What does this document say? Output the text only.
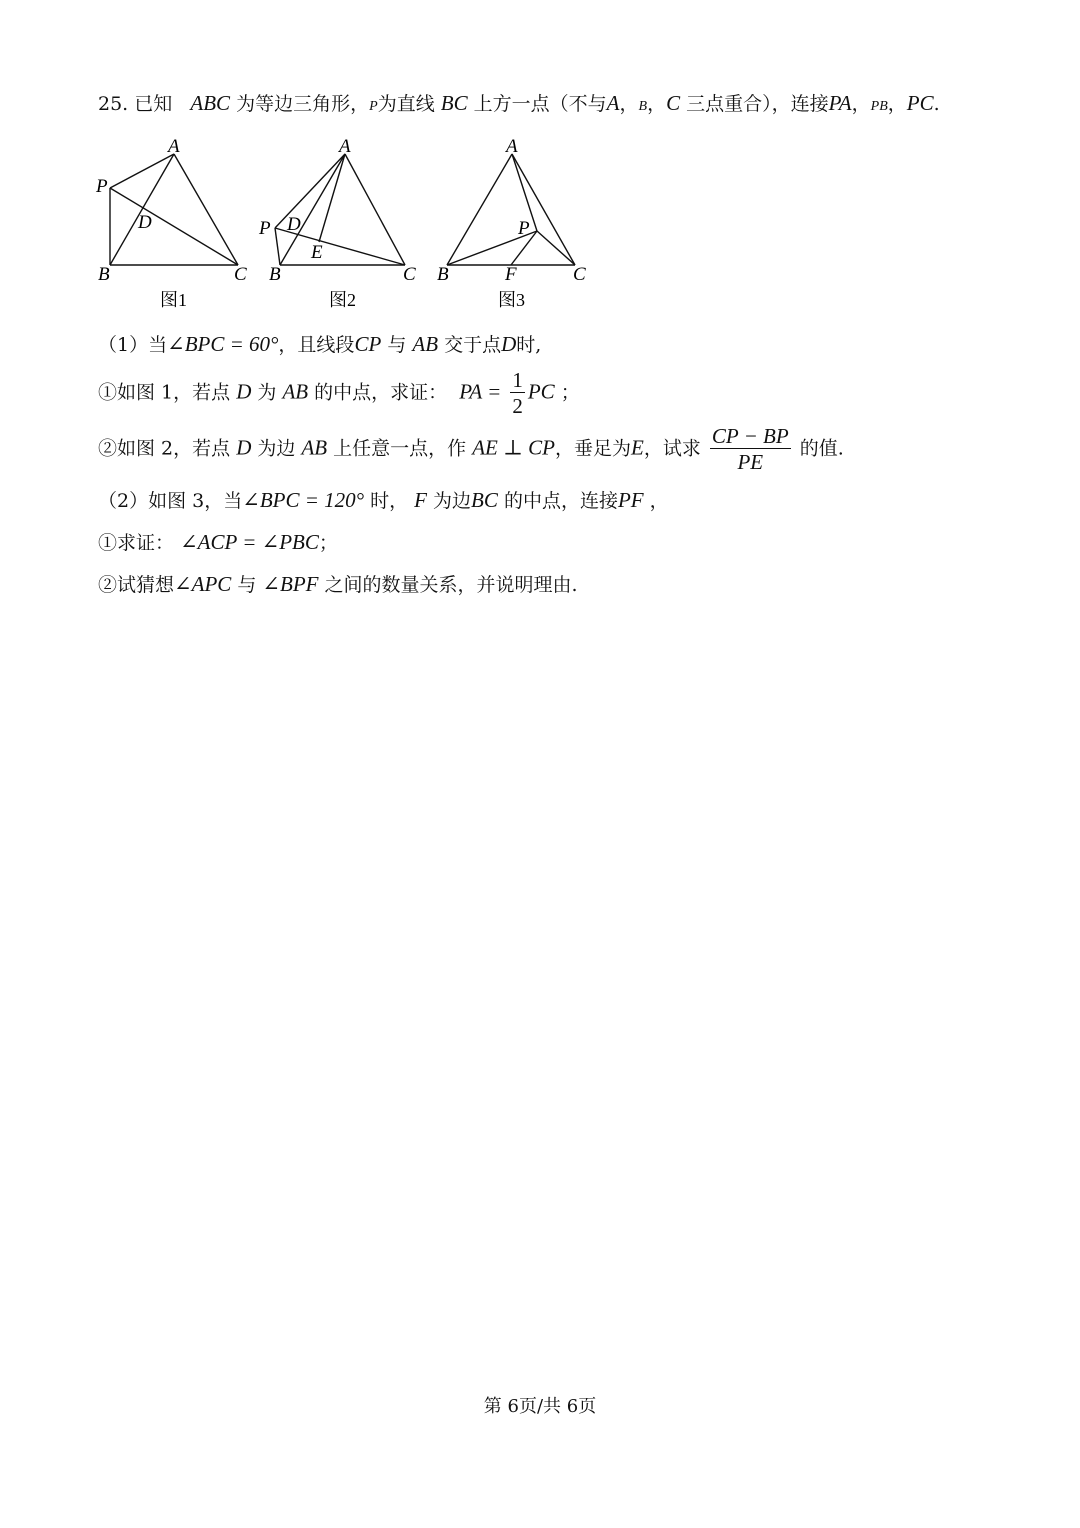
25. 已知 ABC 为等边三角形，P为直线 BC 上方一点（不与A，B，C 三点重合），连接PA，PB，PC.
A
P
D
B	C
图1
A
P D
E
B	C
图2
A
P
B	F	C
图3
（1）当∠BPC = 60°，且线段CP 与 AB 交于点D时,
①如图 1，若点 D 为 AB 的中点，求证： PA = $\frac{1}{2}$ PC ；
②如图 2，若点 D 为边 AB 上任意一点，作 AE ⊥ CP，垂足为E，试求 $\frac{CP - BP}{PE}$ 的值.
（2）如图 3，当∠BPC = 120° 时， F 为边BC 的中点，连接PF ，
①求证： ∠ACP = ∠PBC；
②试猜想∠APC 与 ∠BPF 之间的数量关系，并说明理由.
第 6页/共 6页
